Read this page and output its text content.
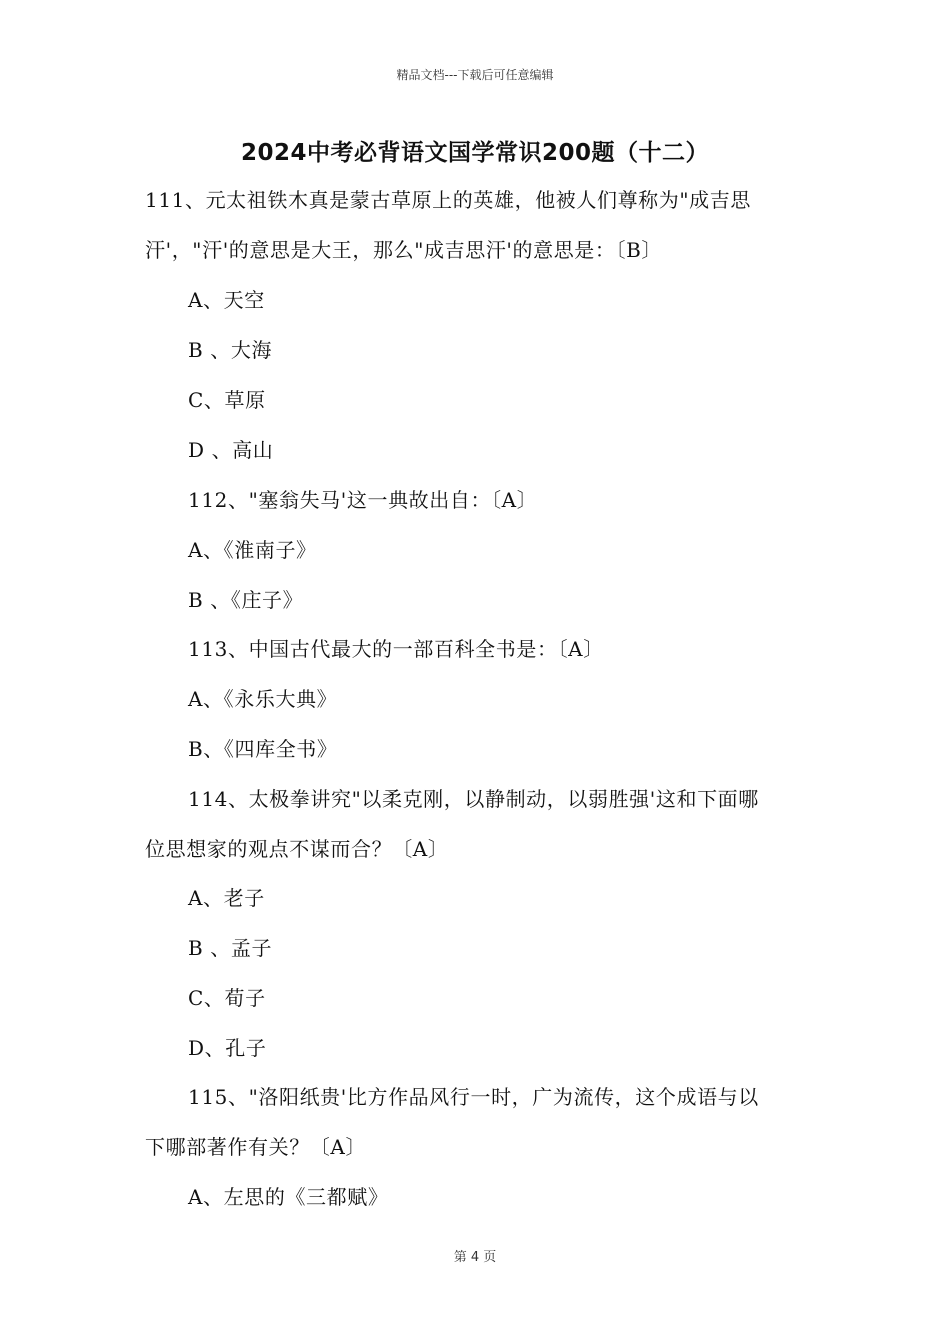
精品文档---下载后可任意编辑
2024中考必背语文国学常识200题（十二）
111、元太祖铁木真是蒙古草原上的英雄，他被人们尊称为"成吉思
汗'，"汗'的意思是大王，那么"成吉思汗'的意思是：〔B〕
A、天空
B 、大海
C、草原
D 、高山
112、"塞翁失马'这一典故出自：〔A〕
A、《淮南子》
B 、《庄子》
113、中国古代最大的一部百科全书是：〔A〕
A、《永乐大典》
B、《四库全书》
114、太极拳讲究"以柔克刚，以静制动，以弱胜强'这和下面哪
位思想家的观点不谋而合？〔A〕
A、老子
B 、孟子
C、荀子
D、孔子
115、"洛阳纸贵'比方作品风行一时，广为流传，这个成语与以
下哪部著作有关？〔A〕
A、左思的《三都赋》
第 4 页
